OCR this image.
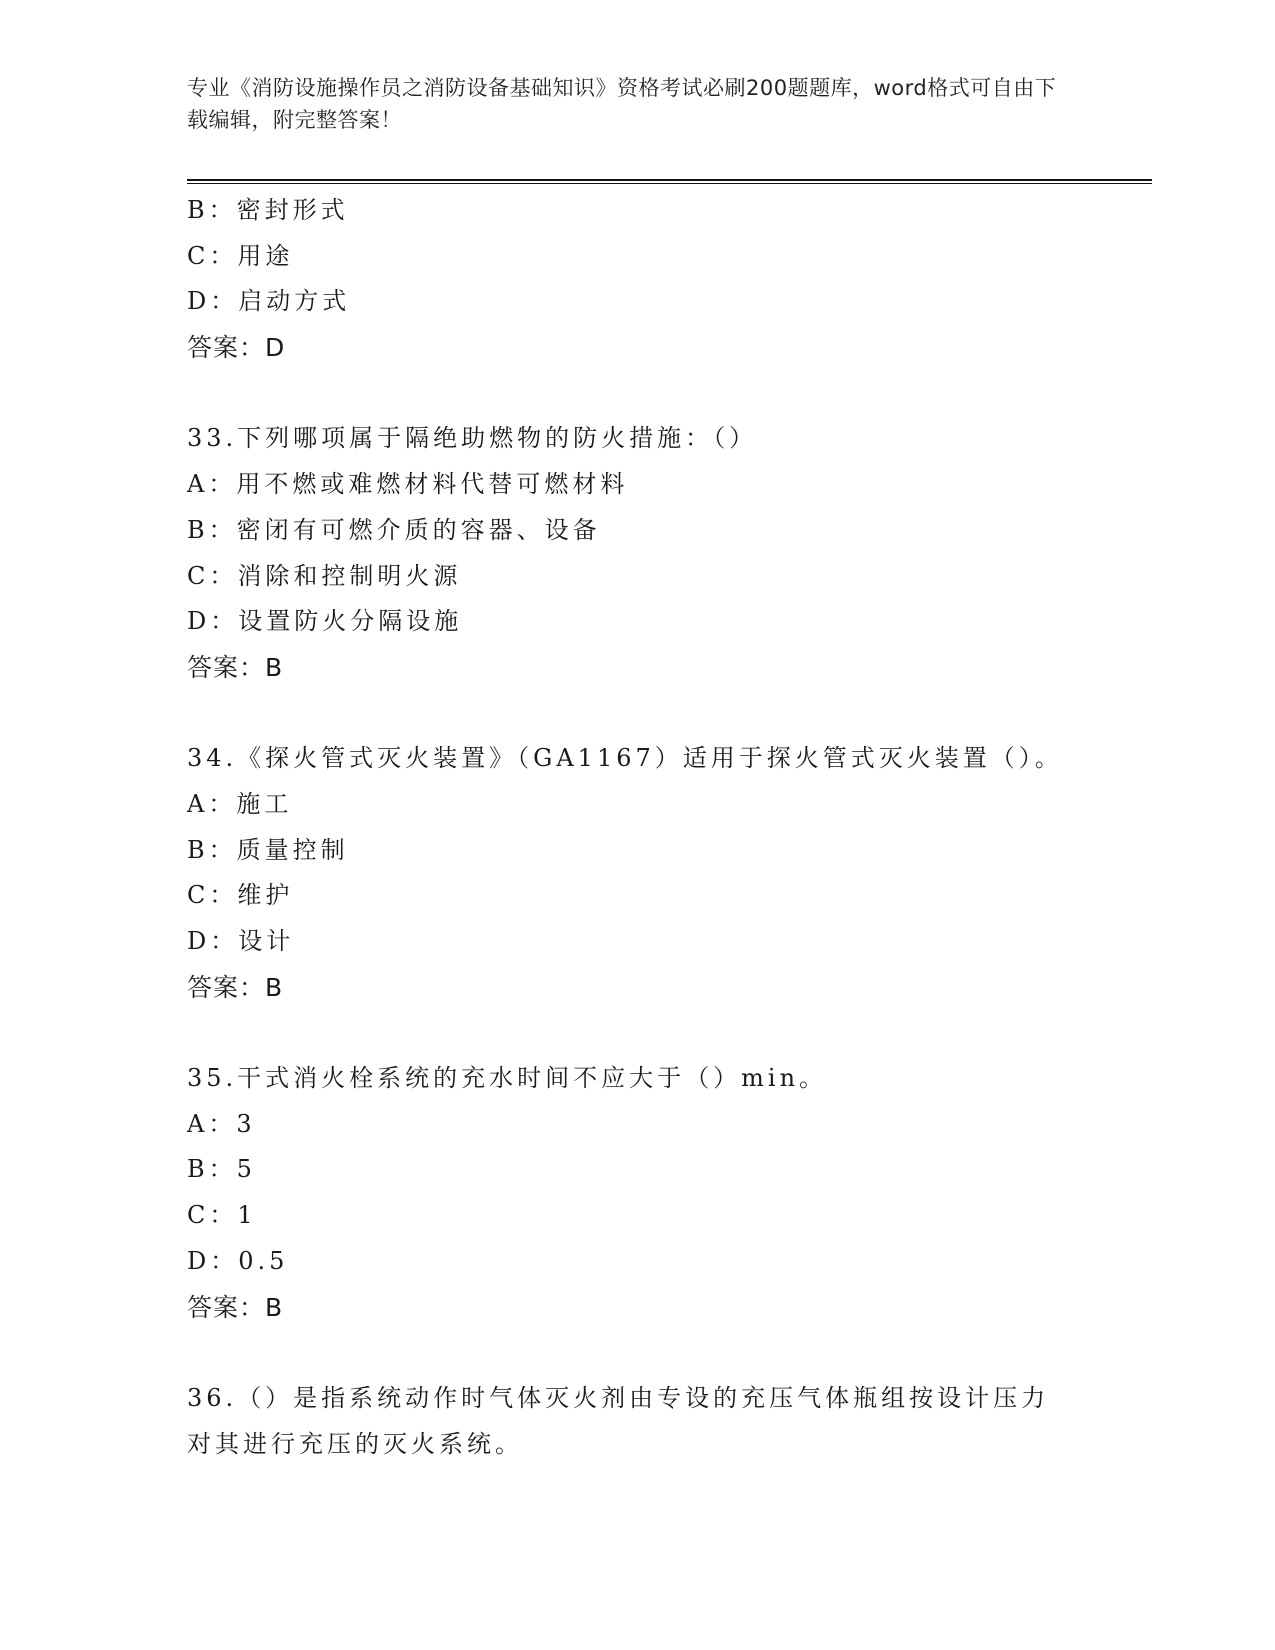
专业《消防设施操作员之消防设备基础知识》资格考试必刷200题题库，word格式可自由下载编辑，附完整答案！
B：密封形式
C：用途
D：启动方式
答案：D
33.下列哪项属于隔绝助燃物的防火措施：（）
A：用不燃或难燃材料代替可燃材料
B：密闭有可燃介质的容器、设备
C：消除和控制明火源
D：设置防火分隔设施
答案：B
34.《探火管式灭火装置》（GA1167）适用于探火管式灭火装置（）。
A：施工
B：质量控制
C：维护
D：设计
答案：B
35.干式消火栓系统的充水时间不应大于（）min。
A：3
B：5
C：1
D：0.5
答案：B
36.（）是指系统动作时气体灭火剂由专设的充压气体瓶组按设计压力
对其进行充压的灭火系统。
